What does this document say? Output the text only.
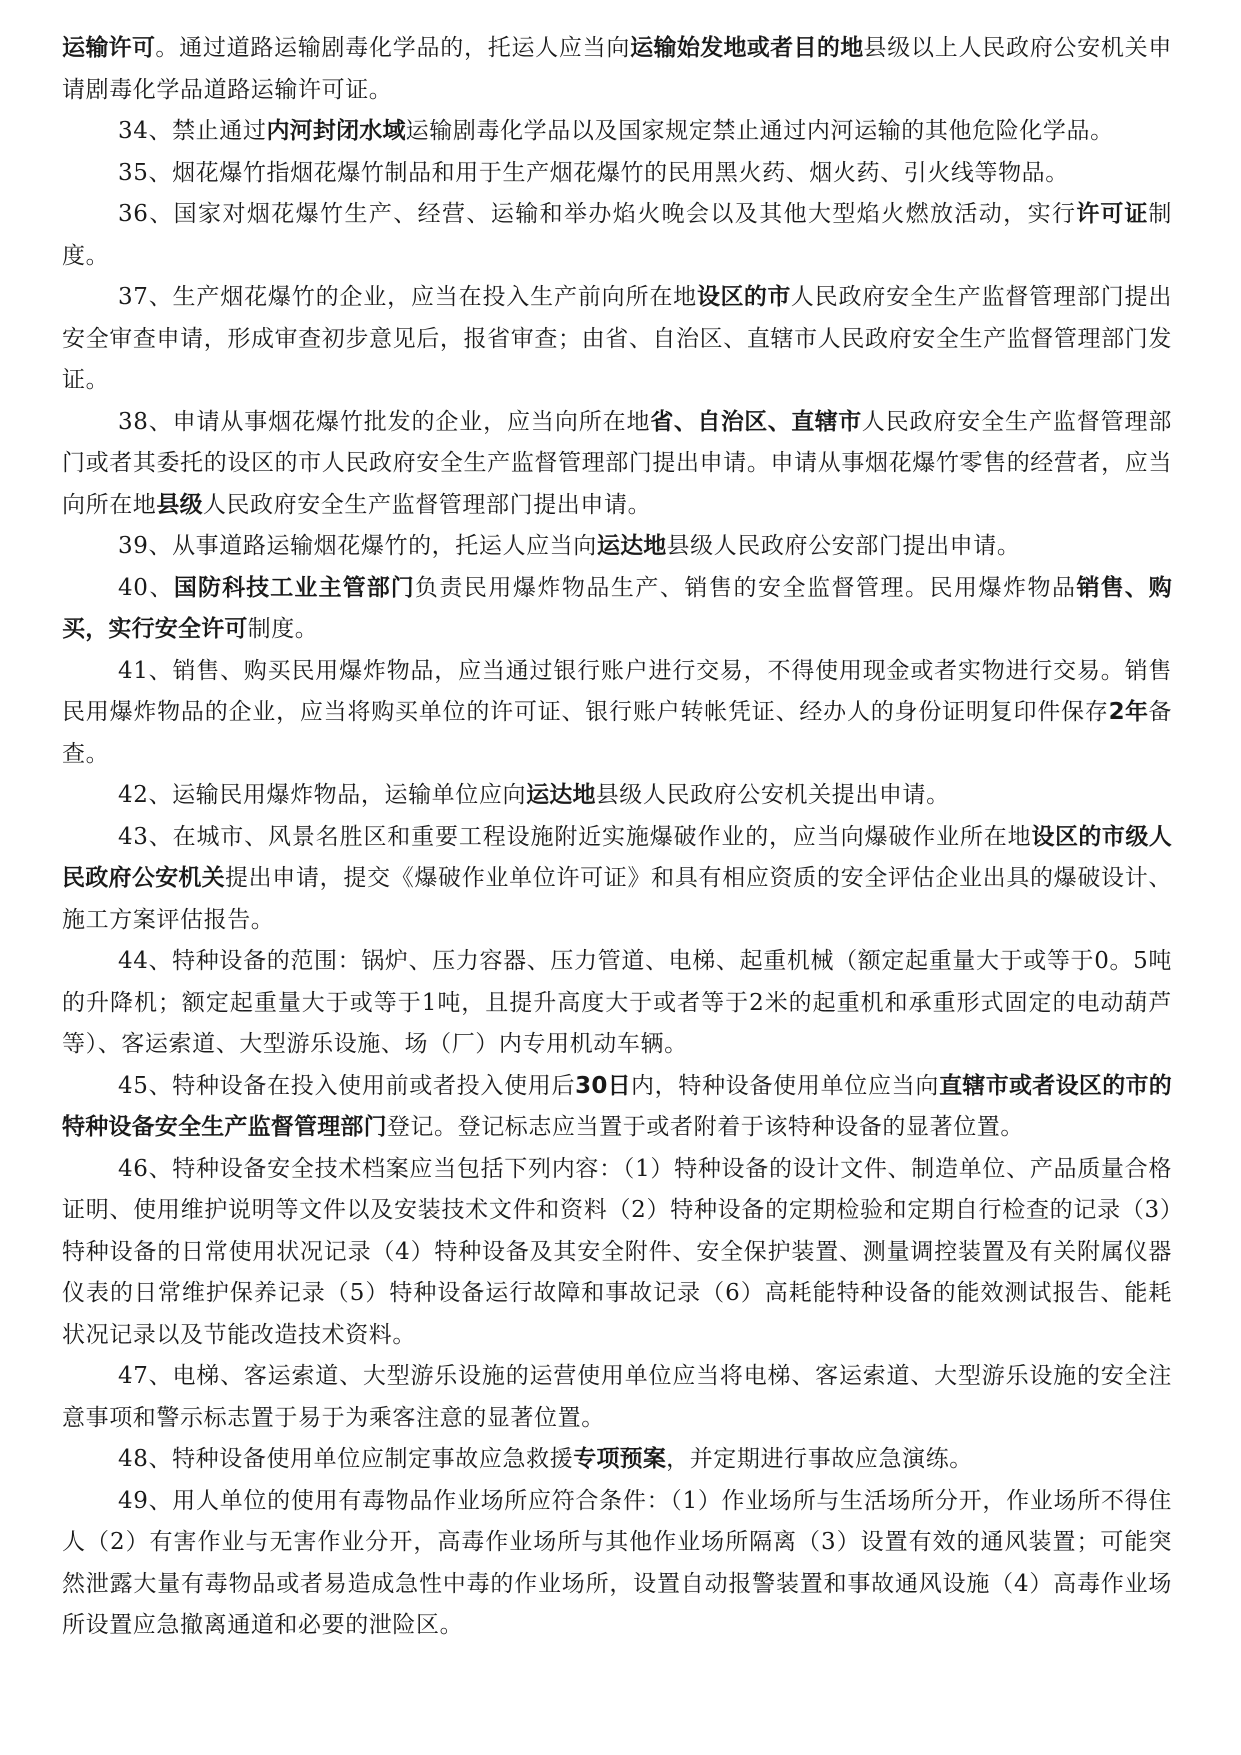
运输许可。通过道路运输剧毒化学品的，托运人应当向运输始发地或者目的地县级以上人民政府公安机关申请剧毒化学品道路运输许可证。

34、禁止通过内河封闭水域运输剧毒化学品以及国家规定禁止通过内河运输的其他危险化学品。

35、烟花爆竹指烟花爆竹制品和用于生产烟花爆竹的民用黑火药、烟火药、引火线等物品。

36、国家对烟花爆竹生产、经营、运输和举办焰火晚会以及其他大型焰火燃放活动，实行许可证制度。

37、生产烟花爆竹的企业，应当在投入生产前向所在地设区的市人民政府安全生产监督管理部门提出安全审查申请，形成审查初步意见后，报省审查；由省、自治区、直辖市人民政府安全生产监督管理部门发证。

38、申请从事烟花爆竹批发的企业，应当向所在地省、自治区、直辖市人民政府安全生产监督管理部门或者其委托的设区的市人民政府安全生产监督管理部门提出申请。申请从事烟花爆竹零售的经营者，应当向所在地县级人民政府安全生产监督管理部门提出申请。

39、从事道路运输烟花爆竹的，托运人应当向运达地县级人民政府公安部门提出申请。

40、国防科技工业主管部门负责民用爆炸物品生产、销售的安全监督管理。民用爆炸物品销售、购买，实行安全许可制度。

41、销售、购买民用爆炸物品，应当通过银行账户进行交易，不得使用现金或者实物进行交易。销售民用爆炸物品的企业，应当将购买单位的许可证、银行账户转帐凭证、经办人的身份证明复印件保存2年备查。

42、运输民用爆炸物品，运输单位应向运达地县级人民政府公安机关提出申请。

43、在城市、风景名胜区和重要工程设施附近实施爆破作业的，应当向爆破作业所在地设区的市级人民政府公安机关提出申请，提交《爆破作业单位许可证》和具有相应资质的安全评估企业出具的爆破设计、施工方案评估报告。

44、特种设备的范围：锅炉、压力容器、压力管道、电梯、起重机械（额定起重量大于或等于0。5吨的升降机；额定起重量大于或等于1吨，且提升高度大于或者等于2米的起重机和承重形式固定的电动葫芦等）、客运索道、大型游乐设施、场（厂）内专用机动车辆。

45、特种设备在投入使用前或者投入使用后30日内，特种设备使用单位应当向直辖市或者设区的市的特种设备安全生产监督管理部门登记。登记标志应当置于或者附着于该特种设备的显著位置。

46、特种设备安全技术档案应当包括下列内容：（1）特种设备的设计文件、制造单位、产品质量合格证明、使用维护说明等文件以及安装技术文件和资料（2）特种设备的定期检验和定期自行检查的记录（3）特种设备的日常使用状况记录（4）特种设备及其安全附件、安全保护装置、测量调控装置及有关附属仪器仪表的日常维护保养记录（5）特种设备运行故障和事故记录（6）高耗能特种设备的能效测试报告、能耗状况记录以及节能改造技术资料。

47、电梯、客运索道、大型游乐设施的运营使用单位应当将电梯、客运索道、大型游乐设施的安全注意事项和警示标志置于易于为乘客注意的显著位置。

48、特种设备使用单位应制定事故应急救援专项预案，并定期进行事故应急演练。

49、用人单位的使用有毒物品作业场所应符合条件：（1）作业场所与生活场所分开，作业场所不得住人（2）有害作业与无害作业分开，高毒作业场所与其他作业场所隔离（3）设置有效的通风装置；可能突然泄露大量有毒物品或者易造成急性中毒的作业场所，设置自动报警装置和事故通风设施（4）高毒作业场所设置应急撤离通道和必要的泄险区。
